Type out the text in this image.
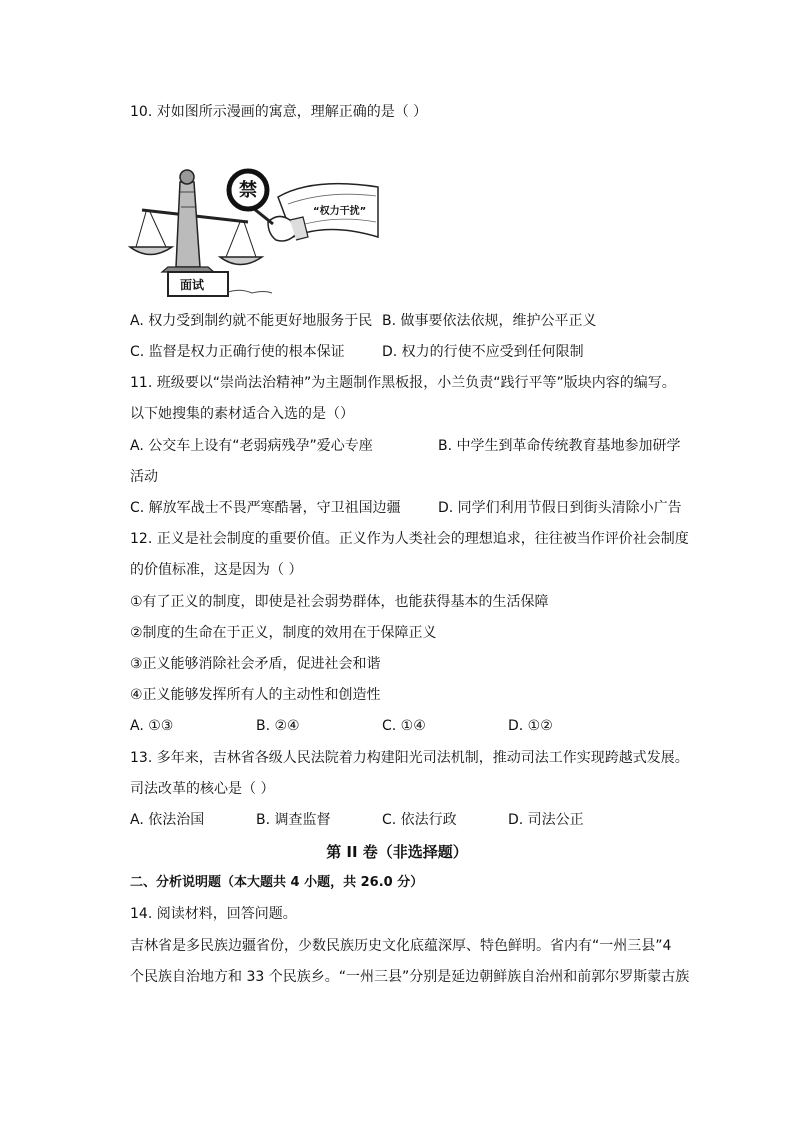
10. 对如图所示漫画的寓意，理解正确的是（ ）
“权力干扰”
禁
面试
A. 权力受到制约就不能更好地服务于民 B. 做事要依法依规，维护公平正义
C. 监督是权力正确行使的根本保证	D. 权力的行使不应受到任何限制
11. 班级要以“崇尚法治精神”为主题制作黑板报，小兰负责“践行平等”版块内容的编写。
以下她搜集的素材适合入选的是（）
A. 公交车上设有“老弱病残孕”爱心专座	B. 中学生到革命传统教育基地参加研学
活动
C. 解放军战士不畏严寒酷暑，守卫祖国边疆	D. 同学们利用节假日到街头清除小广告
12. 正义是社会制度的重要价值。正义作为人类社会的理想追求，往往被当作评价社会制度
的价值标准，这是因为（ ）
①有了正义的制度，即使是社会弱势群体，也能获得基本的生活保障
②制度的生命在于正义，制度的效用在于保障正义
③正义能够消除社会矛盾，促进社会和谐
④正义能够发挥所有人的主动性和创造性
A. ①③	B. ②④	C. ①④	D. ①②
13. 多年来，吉林省各级人民法院着力构建阳光司法机制，推动司法工作实现跨越式发展。
司法改革的核心是（ ）
A. 依法治国	B. 调查监督	C. 依法行政	D. 司法公正
第 II 卷（非选择题）
二、分析说明题（本大题共 4 小题，共 26.0 分）
14. 阅读材料，回答问题。
吉林省是多民族边疆省份，少数民族历史文化底蕴深厚、特色鲜明。省内有“一州三县”4
个民族自治地方和 33 个民族乡。“一州三县”分别是延边朝鲜族自治州和前郭尔罗斯蒙古族
